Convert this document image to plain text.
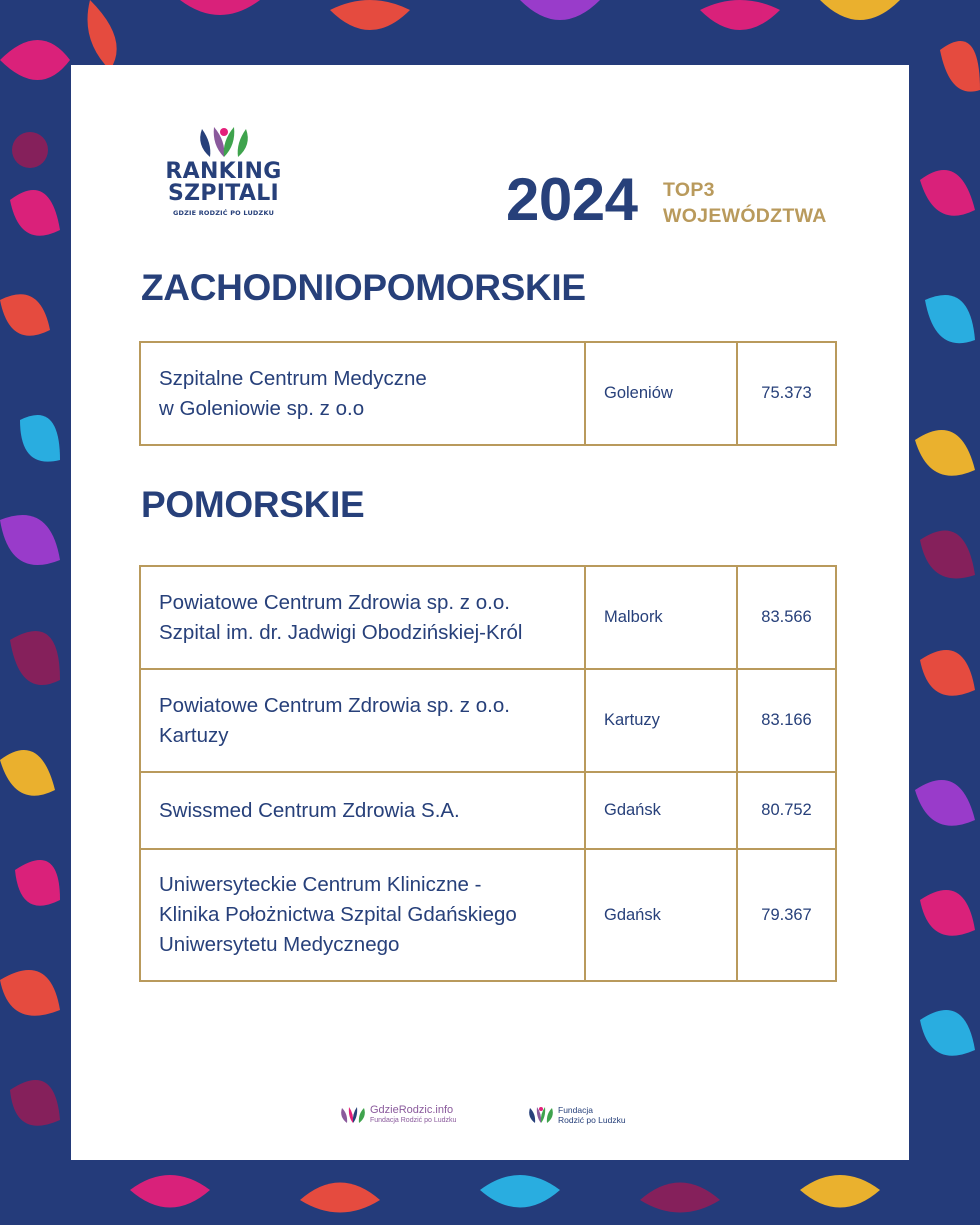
RANKING
SZPITALI
GDZIE RODZIĆ PO LUDZKU	2024 TOP3
WOJEWÓDZTWA
ZACHODNIOPOMORSKIE
Szpitalne Centrum Medyczne
w Goleniowie sp. z o.o
	Goleniów	75.373
POMORSKIE
Powiatowe Centrum Zdrowia sp. z o.o.
Szpital im. dr. Jadwigi Obodzińskiej-Król	Malbork	83.566

Powiatowe Centrum Zdrowia sp. z o.o.
Kartuzy	Kartuzy	83.166

Swissmed Centrum Zdrowia S.A.	Gdańsk	80.752

Uniwersyteckie Centrum Kliniczne -
Klinika Położnictwa Szpital Gdańskiego
Uniwersytetu Medycznego	Gdańsk	79.367
GdzieRodzic.info
Fundacja Rodzić po Ludzku
Fundacja
Rodzić po Ludzku
